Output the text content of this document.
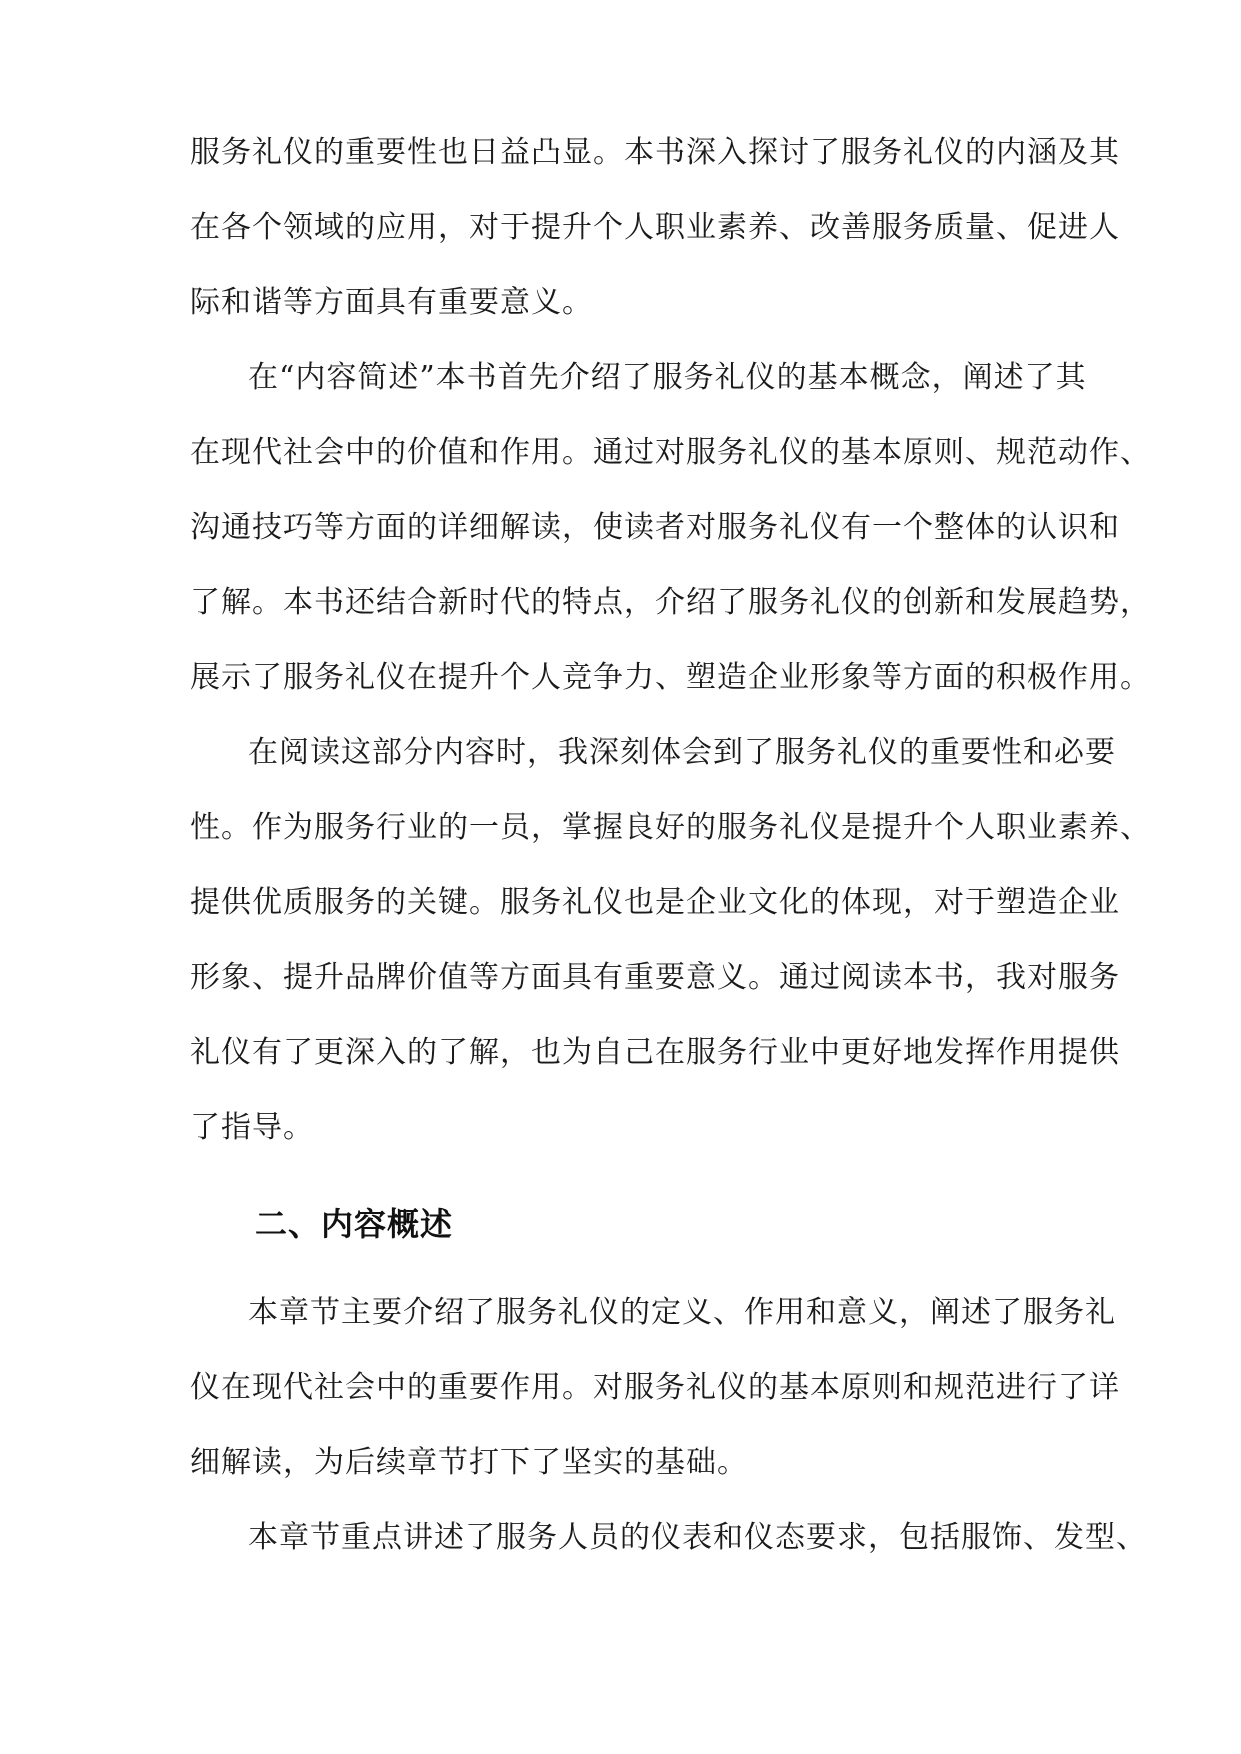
服务礼仪的重要性也日益凸显。本书深入探讨了服务礼仪的内涵及其
在各个领域的应用，对于提升个人职业素养、改善服务质量、促进人
际和谐等方面具有重要意义。
在“内容简述”本书首先介绍了服务礼仪的基本概念，阐述了其
在现代社会中的价值和作用。通过对服务礼仪的基本原则、规范动作、
沟通技巧等方面的详细解读，使读者对服务礼仪有一个整体的认识和
了解。本书还结合新时代的特点，介绍了服务礼仪的创新和发展趋势，
展示了服务礼仪在提升个人竞争力、塑造企业形象等方面的积极作用。
在阅读这部分内容时，我深刻体会到了服务礼仪的重要性和必要
性。作为服务行业的一员，掌握良好的服务礼仪是提升个人职业素养、
提供优质服务的关键。服务礼仪也是企业文化的体现，对于塑造企业
形象、提升品牌价值等方面具有重要意义。通过阅读本书，我对服务
礼仪有了更深入的了解，也为自己在服务行业中更好地发挥作用提供
了指导。
二、内容概述
本章节主要介绍了服务礼仪的定义、作用和意义，阐述了服务礼
仪在现代社会中的重要作用。对服务礼仪的基本原则和规范进行了详
细解读，为后续章节打下了坚实的基础。
本章节重点讲述了服务人员的仪表和仪态要求，包括服饰、发型、
